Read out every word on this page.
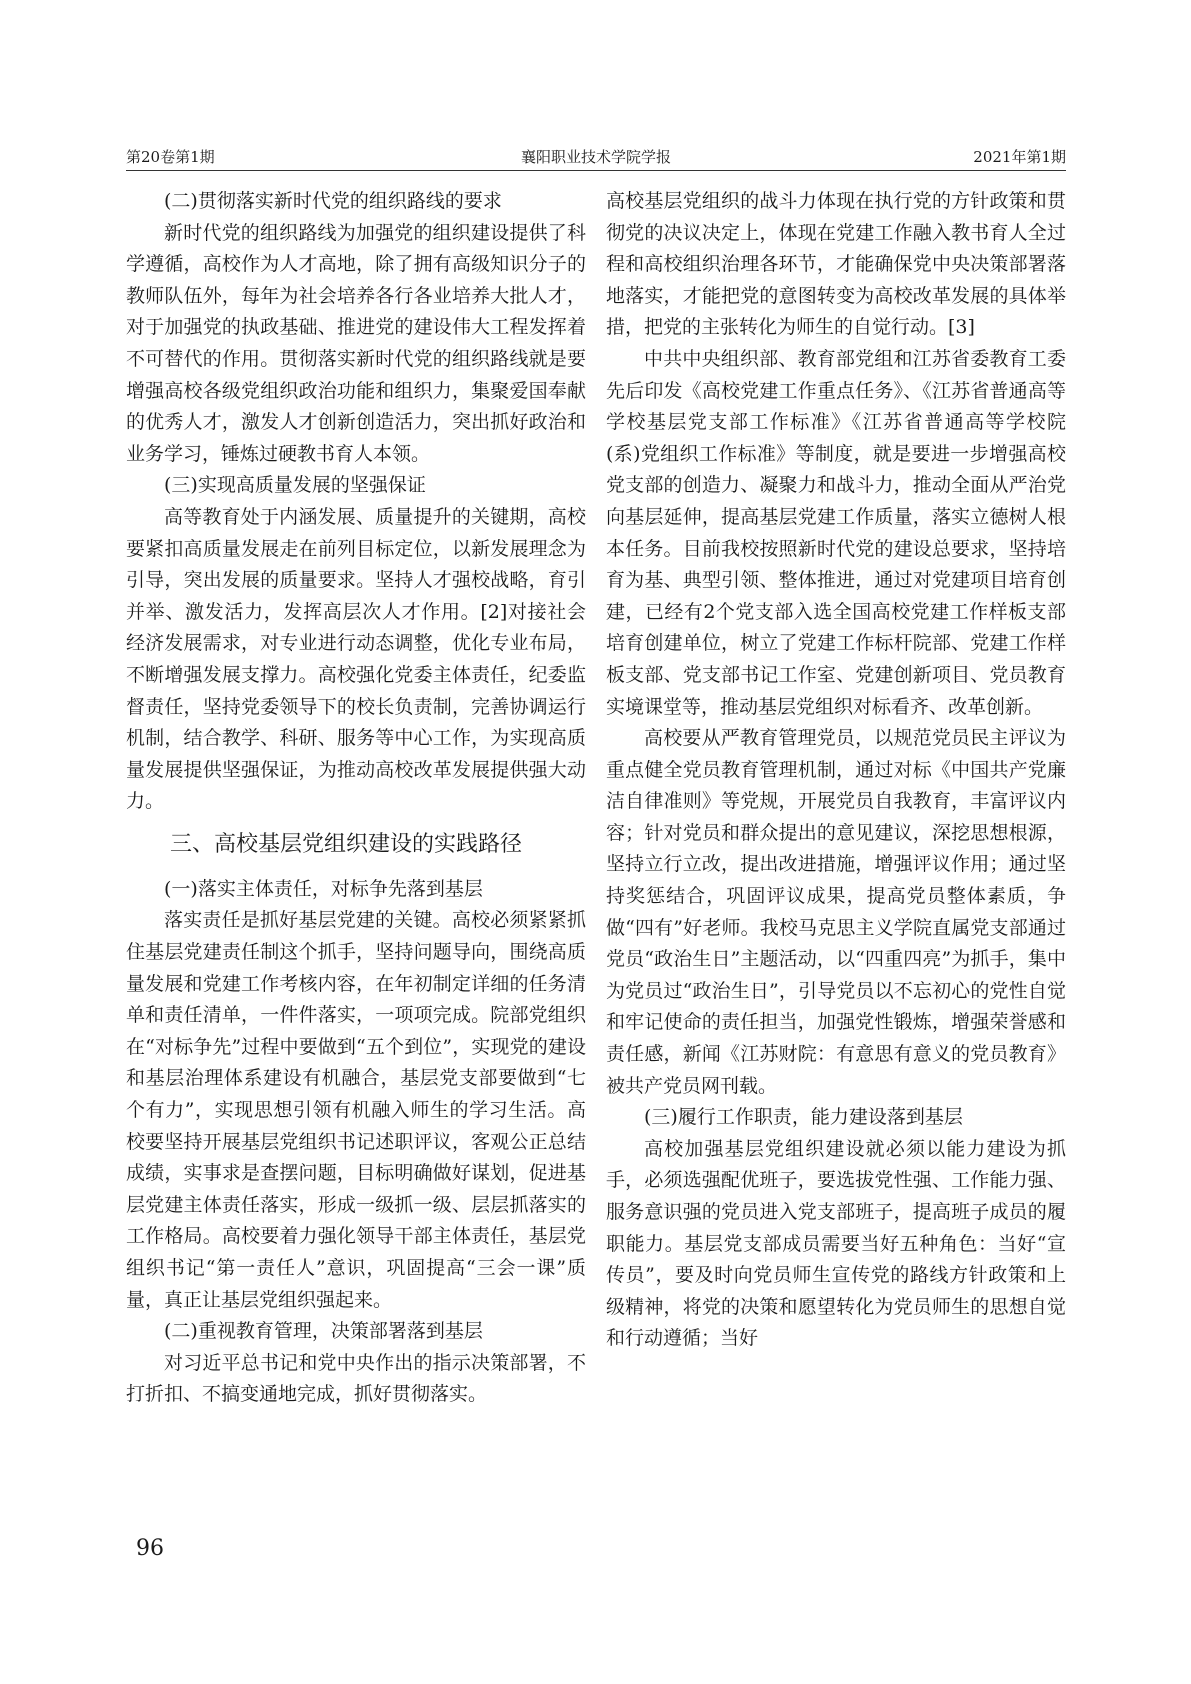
第20卷第1期	襄阳职业技术学院学报	2021年第1期

(二)贯彻落实新时代党的组织路线的要求

新时代党的组织路线为加强党的组织建设提供了科学遵循，高校作为人才高地，除了拥有高级知识分子的教师队伍外，每年为社会培养各行各业培养大批人才，对于加强党的执政基础、推进党的建设伟大工程发挥着不可替代的作用。贯彻落实新时代党的组织路线就是要增强高校各级党组织政治功能和组织力，集聚爱国奉献的优秀人才，激发人才创新创造活力，突出抓好政治和业务学习，锤炼过硬教书育人本领。

(三)实现高质量发展的坚强保证

高等教育处于内涵发展、质量提升的关键期，高校要紧扣高质量发展走在前列目标定位，以新发展理念为引导，突出发展的质量要求。坚持人才强校战略，育引并举、激发活力，发挥高层次人才作用。[2]对接社会经济发展需求，对专业进行动态调整，优化专业布局，不断增强发展支撑力。高校强化党委主体责任，纪委监督责任，坚持党委领导下的校长负责制，完善协调运行机制，结合教学、科研、服务等中心工作，为实现高质量发展提供坚强保证，为推动高校改革发展提供强大动力。

三、高校基层党组织建设的实践路径

(一)落实主体责任，对标争先落到基层

落实责任是抓好基层党建的关键。高校必须紧紧抓住基层党建责任制这个抓手，坚持问题导向，围绕高质量发展和党建工作考核内容，在年初制定详细的任务清单和责任清单，一件件落实，一项项完成。院部党组织在“对标争先”过程中要做到“五个到位”，实现党的建设和基层治理体系建设有机融合，基层党支部要做到“七个有力”，实现思想引领有机融入师生的学习生活。高校要坚持开展基层党组织书记述职评议，客观公正总结成绩，实事求是查摆问题，目标明确做好谋划，促进基层党建主体责任落实，形成一级抓一级、层层抓落实的工作格局。高校要着力强化领导干部主体责任，基层党组织书记“第一责任人”意识，巩固提高“三会一课”质量，真正让基层党组织强起来。

(二)重视教育管理，决策部署落到基层

对习近平总书记和党中央作出的指示决策部署，不打折扣、不搞变通地完成，抓好贯彻落实。

高校基层党组织的战斗力体现在执行党的方针政策和贯彻党的决议决定上，体现在党建工作融入教书育人全过程和高校组织治理各环节，才能确保党中央决策部署落地落实，才能把党的意图转变为高校改革发展的具体举措，把党的主张转化为师生的自觉行动。[3]

中共中央组织部、教育部党组和江苏省委教育工委先后印发《高校党建工作重点任务》、《江苏省普通高等学校基层党支部工作标准》《江苏省普通高等学校院(系)党组织工作标准》等制度，就是要进一步增强高校党支部的创造力、凝聚力和战斗力，推动全面从严治党向基层延伸，提高基层党建工作质量，落实立德树人根本任务。目前我校按照新时代党的建设总要求，坚持培育为基、典型引领、整体推进，通过对党建项目培育创建，已经有2个党支部入选全国高校党建工作样板支部培育创建单位，树立了党建工作标杆院部、党建工作样板支部、党支部书记工作室、党建创新项目、党员教育实境课堂等，推动基层党组织对标看齐、改革创新。

高校要从严教育管理党员，以规范党员民主评议为重点健全党员教育管理机制，通过对标《中国共产党廉洁自律准则》等党规，开展党员自我教育，丰富评议内容；针对党员和群众提出的意见建议，深挖思想根源，坚持立行立改，提出改进措施，增强评议作用；通过坚持奖惩结合，巩固评议成果，提高党员整体素质，争做“四有”好老师。我校马克思主义学院直属党支部通过党员“政治生日”主题活动，以“四重四亮”为抓手，集中为党员过“政治生日”，引导党员以不忘初心的党性自觉和牢记使命的责任担当，加强党性锻炼，增强荣誉感和责任感，新闻《江苏财院：有意思有意义的党员教育》被共产党员网刊载。

(三)履行工作职责，能力建设落到基层

高校加强基层党组织建设就必须以能力建设为抓手，必须选强配优班子，要选拔党性强、工作能力强、服务意识强的党员进入党支部班子，提高班子成员的履职能力。基层党支部成员需要当好五种角色：当好“宣传员”，要及时向党员师生宣传党的路线方针政策和上级精神，将党的决策和愿望转化为党员师生的思想自觉和行动遵循；当好

96
